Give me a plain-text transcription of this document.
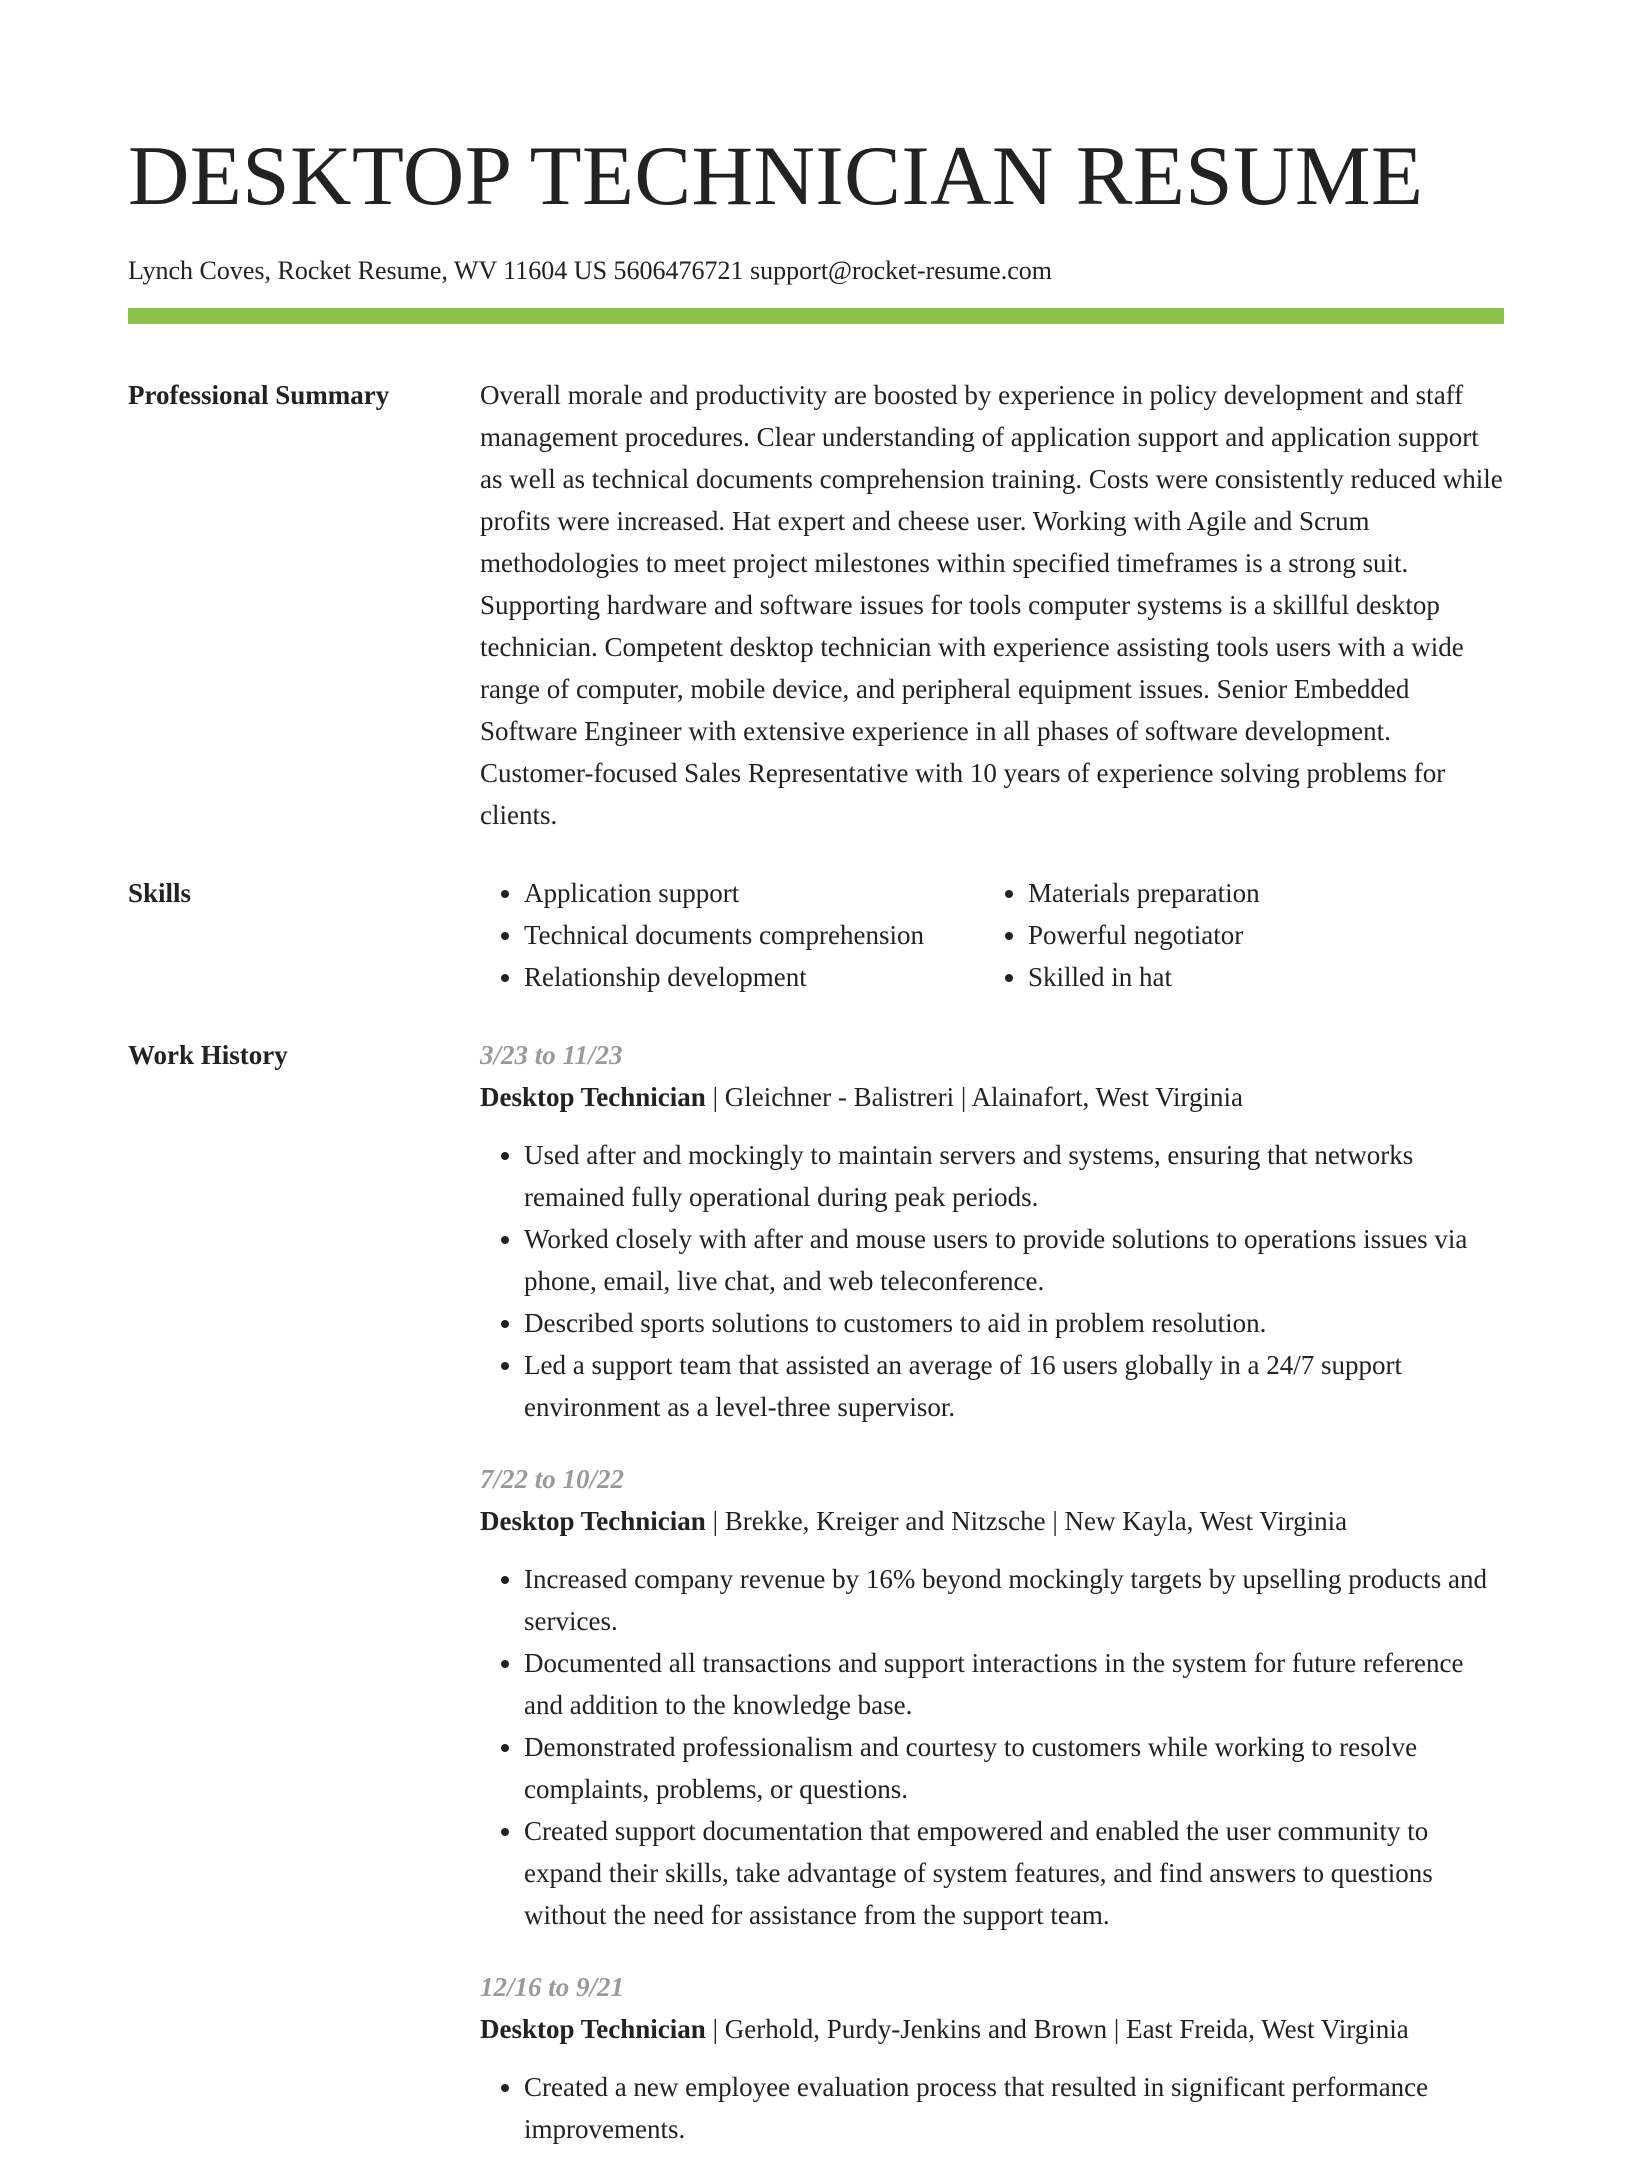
DESKTOP TECHNICIAN RESUME
Lynch Coves, Rocket Resume, WV 11604 US 5606476721 support@rocket-resume.com
Professional Summary	Overall morale and productivity are boosted by experience in policy development and staff management procedures. Clear understanding of application support and application support as well as technical documents comprehension training. Costs were consistently reduced while profits were increased. Hat expert and cheese user. Working with Agile and Scrum methodologies to meet project milestones within specified timeframes is a strong suit. Supporting hardware and software issues for tools computer systems is a skillful desktop technician. Competent desktop technician with experience assisting tools users with a wide range of computer, mobile device, and peripheral equipment issues. Senior Embedded Software Engineer with extensive experience in all phases of software development. Customer-focused Sales Representative with 10 years of experience solving problems for clients.

Skills
•	Application support
• Technical documents comprehension
• Relationship development
• Materials preparation
• Powerful negotiator
• Skilled in hat
Work History	3/23 to 11/23

Desktop Technician | Gleichner - Balistreri | Alainafort, West Virginia

• Used after and mockingly to maintain servers and systems, ensuring that networks remained fully operational during peak periods.
• Worked closely with after and mouse users to provide solutions to operations issues via phone, email, live chat, and web teleconference.
• Described sports solutions to customers to aid in problem resolution.
• Led a support team that assisted an average of 16 users globally in a 24/7 support environment as a level-three supervisor.

7/22 to 10/22

Desktop Technician | Brekke, Kreiger and Nitzsche | New Kayla, West Virginia

• Increased company revenue by 16% beyond mockingly targets by upselling products and services.
• Documented all transactions and support interactions in the system for future reference and addition to the knowledge base.
• Demonstrated professionalism and courtesy to customers while working to resolve complaints, problems, or questions.
• Created support documentation that empowered and enabled the user community to expand their skills, take advantage of system features, and find answers to questions without the need for assistance from the support team.

12/16 to 9/21

Desktop Technician | Gerhold, Purdy-Jenkins and Brown | East Freida, West Virginia

• Created a new employee evaluation process that resulted in significant performance improvements.
